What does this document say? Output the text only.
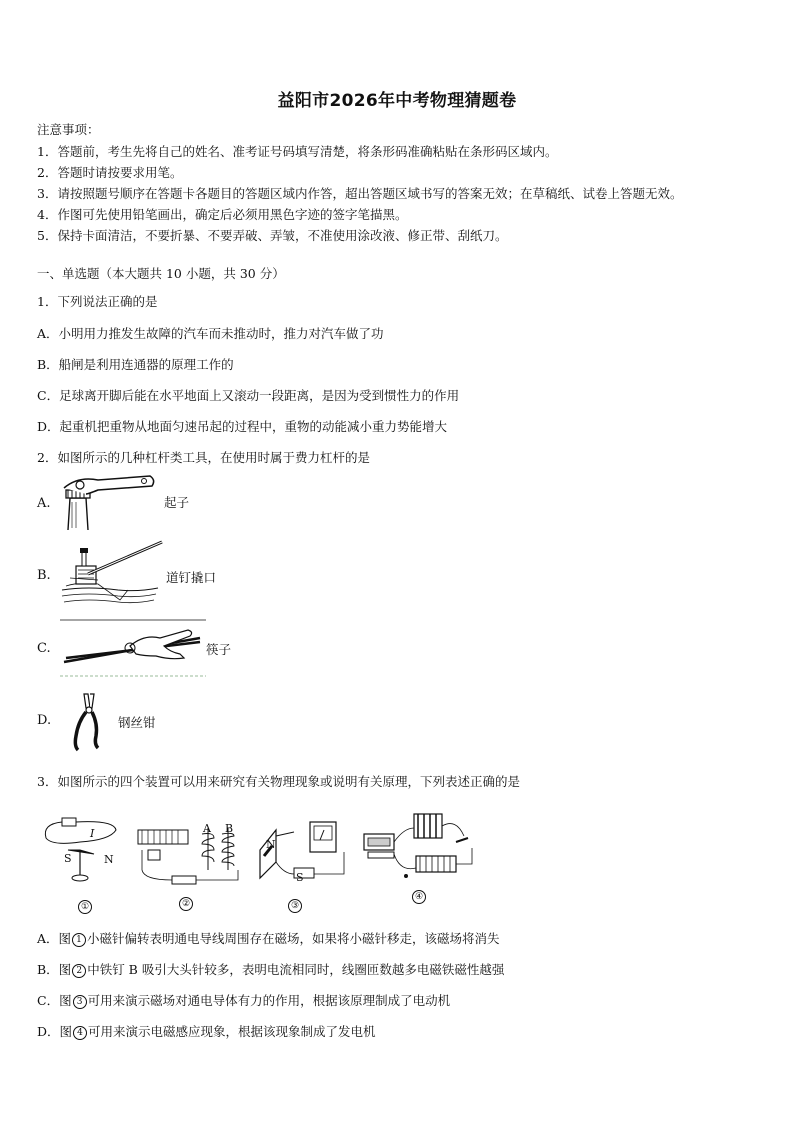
益阳市2026年中考物理猜题卷
注意事项：
1．答题前，考生先将自己的姓名、准考证号码填写清楚，将条形码准确粘贴在条形码区域内。
2．答题时请按要求用笔。
3．请按照题号顺序在答题卡各题目的答题区域内作答，超出答题区域书写的答案无效；在草稿纸、试卷上答题无效。
4．作图可先使用铅笔画出，确定后必须用黑色字迹的签字笔描黑。
5．保持卡面清洁，不要折暴、不要弄破、弄皱，不准使用涂改液、修正带、刮纸刀。
一、单选题（本大题共 10 小题，共 30 分）
1．下列说法正确的是
A．小明用力推发生故障的汽车而未推动时，推力对汽车做了功
B．船闸是利用连通器的原理工作的
C．足球离开脚后能在水平地面上又滚动一段距离，是因为受到惯性力的作用
D．起重机把重物从地面匀速吊起的过程中，重物的动能减小重力势能增大
2．如图所示的几种杠杆类工具，在使用时属于费力杠杆的是
A.	起子
B.	道钉撬口
C.	筷子
D.	钢丝钳
3．如图所示的四个装置可以用来研究有关物理现象或说明有关原理，下列表述正确的是
I
S	N
A B
N
S
①	②	③
④
A．图 1 小磁针偏转表明通电导线周围存在磁场，如果将小磁针移走，该磁场将消失
B．图 2 中铁钉 B 吸引大头针较多，表明电流相同时，线圈匝数越多电磁铁磁性越强
C．图 3 可用来演示磁场对通电导体有力的作用，根据该原理制成了电动机
D．图 4 可用来演示电磁感应现象，根据该现象制成了发电机
